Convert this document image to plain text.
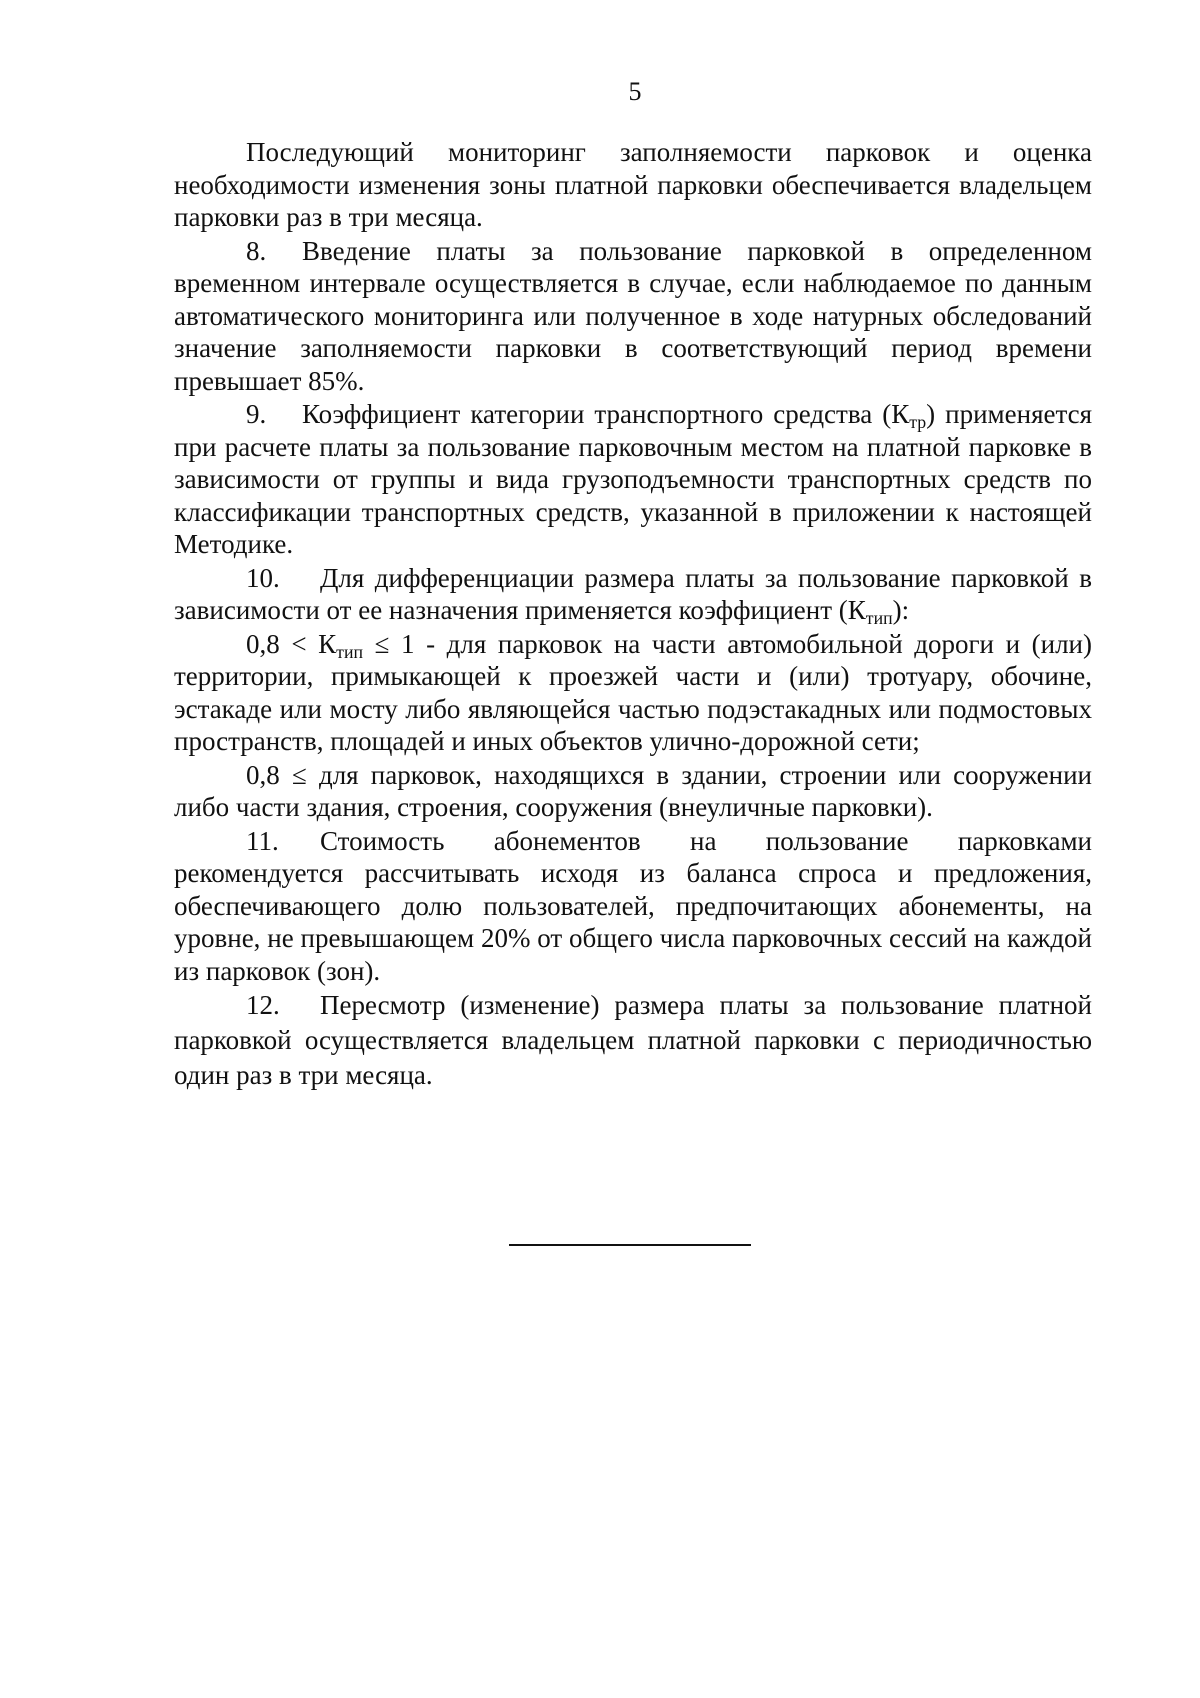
5

Последующий мониторинг заполняемости парковок и оценка необходимости изменения зоны платной парковки обеспечивается владельцем парковки раз в три месяца.

8. Введение платы за пользование парковкой в определенном временном интервале осуществляется в случае, если наблюдаемое по данным автоматического мониторинга или полученное в ходе натурных обследований значение заполняемости парковки в соответствующий период времени превышает 85%.

9. Коэффициент категории транспортного средства $(К_{тр})$ применяется при расчете платы за пользование парковочным местом на платной парковке в зависимости от группы и вида грузоподъемности транспортных средств по классификации транспортных средств, указанной в приложении к настоящей Методике.

10. Для дифференциации размера платы за пользование парковкой в зависимости от ее назначения применяется коэффициент $(К_{тип})$:

$0,8 < К_{тип} \le 1$ - для парковок на части автомобильной дороги и (или) территории, примыкающей к проезжей части и (или) тротуару, обочине, эстакаде или мосту либо являющейся частью подэстакадных или подмостовых пространств, площадей и иных объектов улично-дорожной сети;

0,8 ≤ для парковок, находящихся в здании, строении или сооружении либо части здания, строения, сооружения (внеуличные парковки).

11. Стоимость абонементов на пользование парковками рекомендуется рассчитывать исходя из баланса спроса и предложения, обеспечивающего долю пользователей, предпочитающих абонементы, на уровне, не превышающем 20% от общего числа парковочных сессий на каждой из парковок (зон).

12. Пересмотр (изменение) размера платы за пользование платной парковкой осуществляется владельцем платной парковки с периодичностью один раз в три месяца.
